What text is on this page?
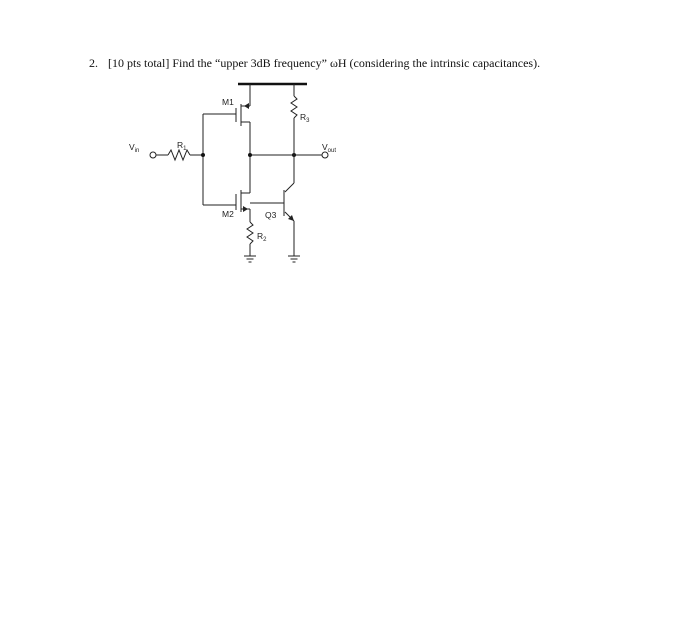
2. [10 pts total] Find the “upper 3dB frequency” ωH (considering the intrinsic capacitances).
M1
M2	Q3
$R_1$
$R_2$
$R_3$
$V_{in}$	$V_{out}$
